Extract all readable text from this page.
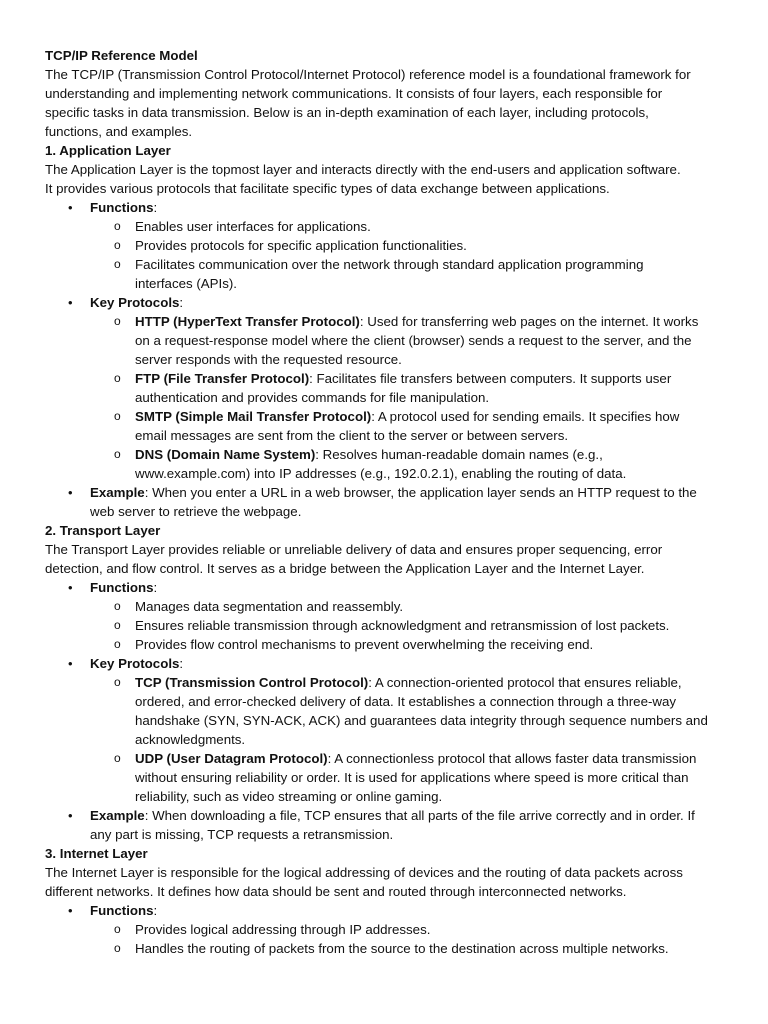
TCP/IP Reference Model
The TCP/IP (Transmission Control Protocol/Internet Protocol) reference model is a foundational framework for
understanding and implementing network communications. It consists of four layers, each responsible for
specific tasks in data transmission. Below is an in-depth examination of each layer, including protocols,
functions, and examples.
1. Application Layer
The Application Layer is the topmost layer and interacts directly with the end-users and application software.
It provides various protocols that facilitate specific types of data exchange between applications.
• Functions:
o Enables user interfaces for applications.
o Provides protocols for specific application functionalities.
o Facilitates communication over the network through standard application programming
interfaces (APIs).
• Key Protocols:
o HTTP (HyperText Transfer Protocol): Used for transferring web pages on the internet. It works
on a request-response model where the client (browser) sends a request to the server, and the
server responds with the requested resource.
o FTP (File Transfer Protocol): Facilitates file transfers between computers. It supports user
authentication and provides commands for file manipulation.
o SMTP (Simple Mail Transfer Protocol): A protocol used for sending emails. It specifies how
email messages are sent from the client to the server or between servers.
o DNS (Domain Name System): Resolves human-readable domain names (e.g.,
www.example.com) into IP addresses (e.g., 192.0.2.1), enabling the routing of data.
• Example: When you enter a URL in a web browser, the application layer sends an HTTP request to the
web server to retrieve the webpage.
2. Transport Layer
The Transport Layer provides reliable or unreliable delivery of data and ensures proper sequencing, error
detection, and flow control. It serves as a bridge between the Application Layer and the Internet Layer.
• Functions:
o Manages data segmentation and reassembly.
o Ensures reliable transmission through acknowledgment and retransmission of lost packets.
o Provides flow control mechanisms to prevent overwhelming the receiving end.
• Key Protocols:
o TCP (Transmission Control Protocol): A connection-oriented protocol that ensures reliable,
ordered, and error-checked delivery of data. It establishes a connection through a three-way
handshake (SYN, SYN-ACK, ACK) and guarantees data integrity through sequence numbers and
acknowledgments.
o UDP (User Datagram Protocol): A connectionless protocol that allows faster data transmission
without ensuring reliability or order. It is used for applications where speed is more critical than
reliability, such as video streaming or online gaming.
• Example: When downloading a file, TCP ensures that all parts of the file arrive correctly and in order. If
any part is missing, TCP requests a retransmission.
3. Internet Layer
The Internet Layer is responsible for the logical addressing of devices and the routing of data packets across
different networks. It defines how data should be sent and routed through interconnected networks.
• Functions:
o Provides logical addressing through IP addresses.
o Handles the routing of packets from the source to the destination across multiple networks.
